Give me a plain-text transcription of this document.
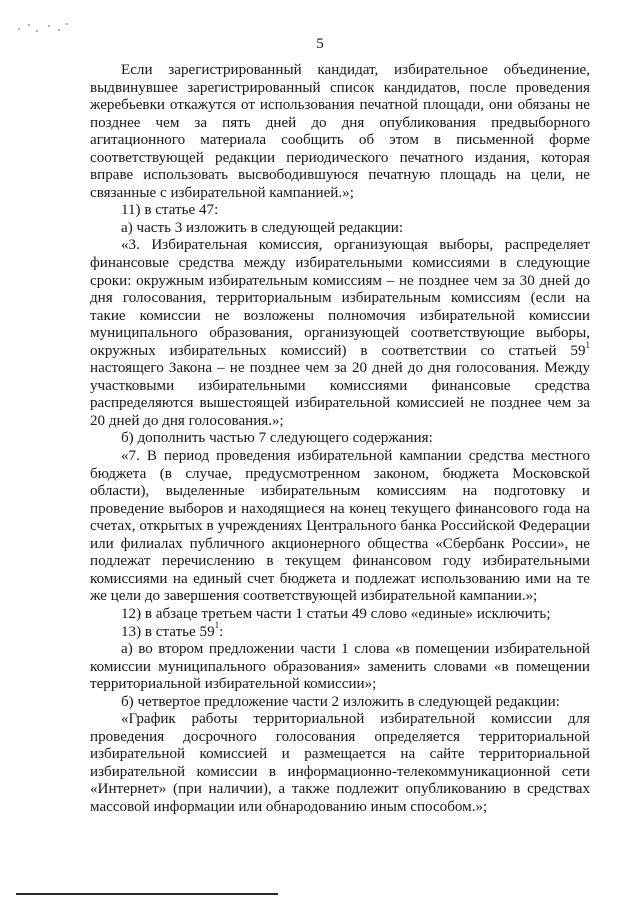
5

Если зарегистрированный кандидат, избирательное объединение, выдвинувшее зарегистрированный список кандидатов, после проведения жеребьевки откажутся от использования печатной площади, они обязаны не позднее чем за пять дней до дня опубликования предвыборного агитационного материала сообщить об этом в письменной форме соответствующей редакции периодического печатного издания, которая вправе использовать высвободившуюся печатную площадь на цели, не связанные с избирательной кампанией.»;

11) в статье 47:

а) часть 3 изложить в следующей редакции:

«3. Избирательная комиссия, организующая выборы, распределяет финансовые средства между избирательными комиссиями в следующие сроки: окружным избирательным комиссиям – не позднее чем за 30 дней до дня голосования, территориальным избирательным комиссиям (если на такие комиссии не возложены полномочия избирательной комиссии муниципального образования, организующей соответствующие выборы, окружных избирательных комиссий) в соответствии со статьей $59^1$ настоящего Закона – не позднее чем за 20 дней до дня голосования. Между участковыми избирательными комиссиями финансовые средства распределяются вышестоящей избирательной комиссией не позднее чем за 20 дней до дня голосования.»;

б) дополнить частью 7 следующего содержания:

«7. В период проведения избирательной кампании средства местного бюджета (в случае, предусмотренном законом, бюджета Московской области), выделенные избирательным комиссиям на подготовку и проведение выборов и находящиеся на конец текущего финансового года на счетах, открытых в учреждениях Центрального банка Российской Федерации или филиалах публичного акционерного общества «Сбербанк России», не подлежат перечислению в текущем финансовом году избирательными комиссиями на единый счет бюджета и подлежат использованию ими на те же цели до завершения соответствующей избирательной кампании.»;

12) в абзаце третьем части 1 статьи 49 слово «единые» исключить;

13) в статье $59^1$:

а) во втором предложении части 1 слова «в помещении избирательной комиссии муниципального образования» заменить словами «в помещении территориальной избирательной комиссии»;

б) четвертое предложение части 2 изложить в следующей редакции:

«График работы территориальной избирательной комиссии для проведения досрочного голосования определяется территориальной избирательной комиссией и размещается на сайте территориальной избирательной комиссии в информационно-телекоммуникационной сети «Интернет» (при наличии), а также подлежит опубликованию в средствах массовой информации или обнародованию иным способом.»;
